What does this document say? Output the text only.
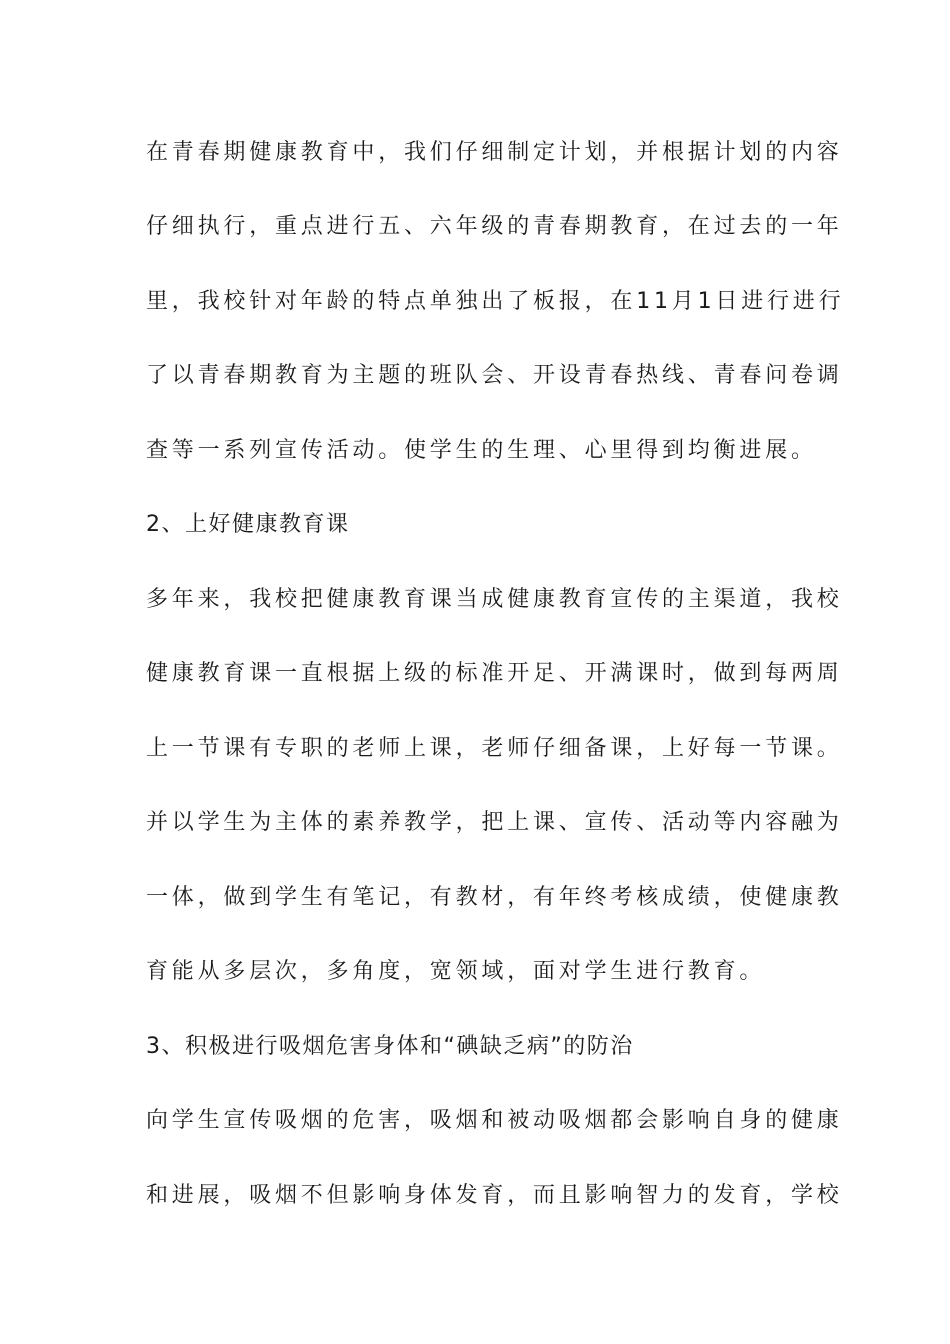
在青春期健康教育中，我们仔细制定计划，并根据计划的内容
仔细执行，重点进行五、六年级的青春期教育，在过去的一年
里，我校针对年龄的特点单独出了板报，在11月1日进行进行
了以青春期教育为主题的班队会、开设青春热线、青春问卷调
查等一系列宣传活动。使学生的生理、心里得到均衡进展。
2、上好健康教育课
多年来，我校把健康教育课当成健康教育宣传的主渠道，我校
健康教育课一直根据上级的标准开足、开满课时，做到每两周
上一节课有专职的老师上课，老师仔细备课，上好每一节课。
并以学生为主体的素养教学，把上课、宣传、活动等内容融为
一体，做到学生有笔记，有教材，有年终考核成绩，使健康教
育能从多层次，多角度，宽领域，面对学生进行教育。
3、积极进行吸烟危害身体和“碘缺乏病”的防治
向学生宣传吸烟的危害，吸烟和被动吸烟都会影响自身的健康
和进展，吸烟不但影响身体发育，而且影响智力的发育，学校
